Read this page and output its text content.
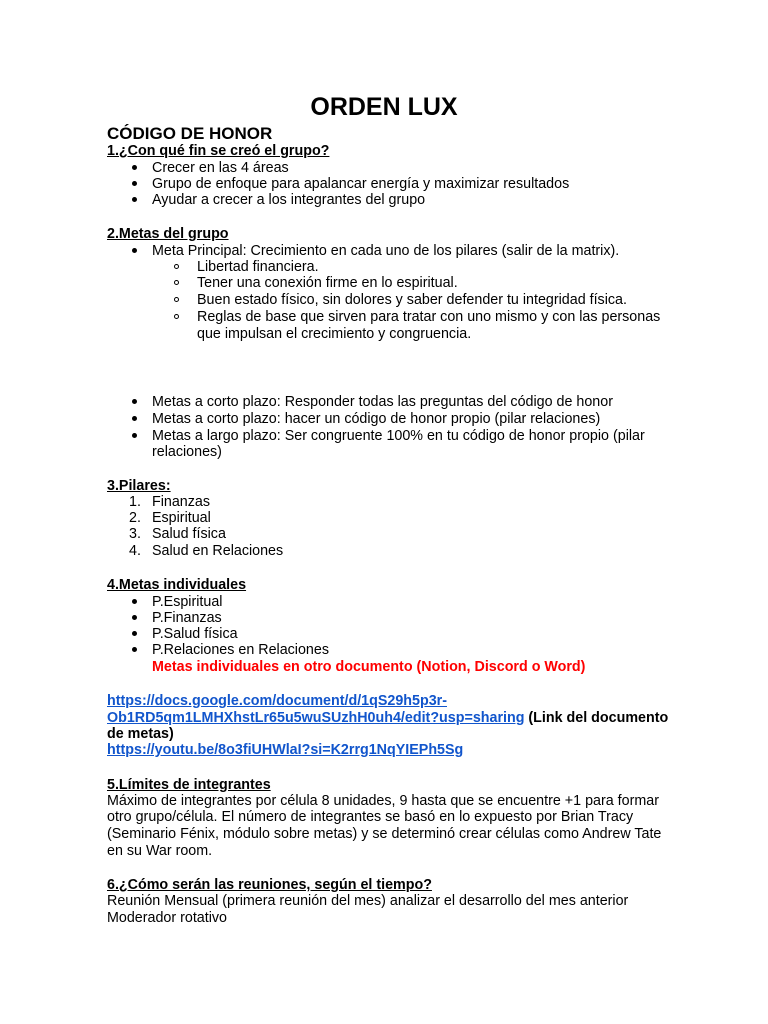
ORDEN LUX
CÓDIGO DE HONOR
1.¿Con qué fin se creó el grupo?
Crecer en las 4 áreas
Grupo de enfoque para apalancar energía y maximizar resultados
Ayudar a crecer a los integrantes del grupo
2.Metas del grupo
Meta Principal: Crecimiento en cada uno de los pilares (salir de la matrix).
Libertad financiera.
Tener una conexión firme en lo espiritual.
Buen estado físico, sin dolores y saber defender tu integridad física.
Reglas de base que sirven para tratar con uno mismo y con las personas
que impulsan el crecimiento y congruencia.
Metas a corto plazo: Responder todas las preguntas del código de honor
Metas a corto plazo: hacer un código de honor propio (pilar relaciones)
Metas a largo plazo: Ser congruente 100% en tu código de honor propio (pilar
relaciones)
3.Pilares:
1. Finanzas
2. Espiritual
3. Salud física
4. Salud en Relaciones
4.Metas individuales
P.Espiritual
P.Finanzas
P.Salud física
P.Relaciones en Relaciones
Metas individuales en otro documento (Notion, Discord o Word)
https://docs.google.com/document/d/1qS29h5p3r-
Ob1RD5qm1LMHXhstLr65u5wuSUzhH0uh4/edit?usp=sharing (Link del documento
de metas)
https://youtu.be/8o3fiUHWlaI?si=K2rrg1NqYIEPh5Sg
5.Límites de integrantes
Máximo de integrantes por célula 8 unidades, 9 hasta que se encuentre +1 para formar
otro grupo/célula. El número de integrantes se basó en lo expuesto por Brian Tracy
(Seminario Fénix, módulo sobre metas) y se determinó crear células como Andrew Tate
en su War room.
6.¿Cómo serán las reuniones, según el tiempo?
Reunión Mensual (primera reunión del mes) analizar el desarrollo del mes anterior
Moderador rotativo
